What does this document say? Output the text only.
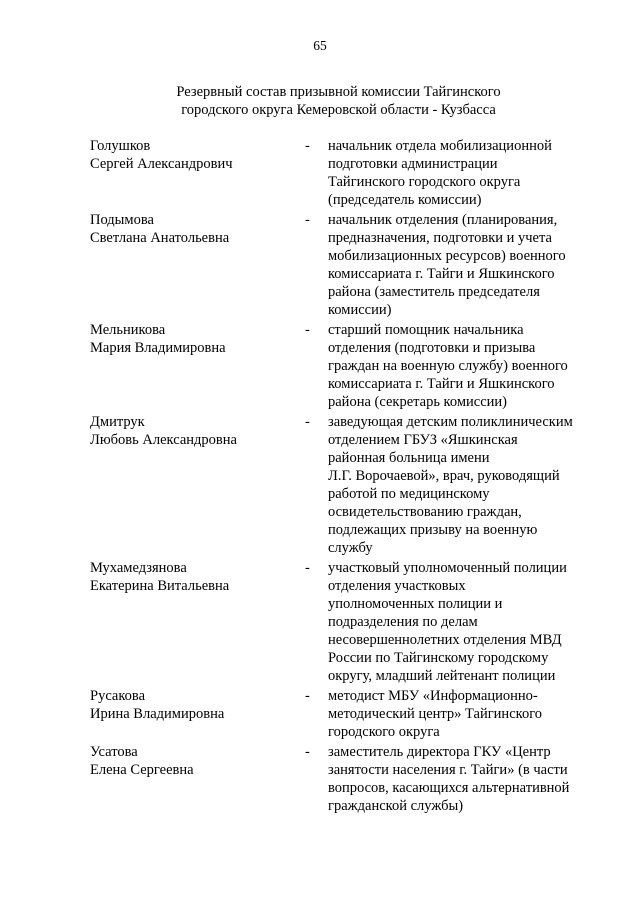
65
Резервный состав призывной комиссии Тайгинского
городского округа Кемеровской области - Кузбасса
Голушков
Сергей Александрович
-	начальник отдела мобилизационной
подготовки администрации
Тайгинского городского округа
(председатель комиссии)
Подымова
Светлана Анатольевна
-	начальник отделения (планирования,
предназначения, подготовки и учета
мобилизационных ресурсов) военного
комиссариата г. Тайги и Яшкинского
района (заместитель председателя
комиссии)
Мельникова
Мария Владимировна
-	старший помощник начальника
отделения (подготовки и призыва
граждан на военную службу) военного
комиссариата г. Тайги и Яшкинского
района (секретарь комиссии)
Дмитрук
Любовь Александровна
-	заведующая детским поликлиническим
отделением ГБУЗ «Яшкинская
районная больница имени
Л.Г. Ворочаевой», врач, руководящий
работой по медицинскому
освидетельствованию граждан,
подлежащих призыву на военную
службу
Мухамедзянова
Екатерина Витальевна
-	участковый уполномоченный полиции
отделения участковых
уполномоченных полиции и
подразделения по делам
несовершеннолетних отделения МВД
России по Тайгинскому городскому
округу, младший лейтенант полиции
Русакова
Ирина Владимировна
-	методист МБУ «Информационно-
методический центр» Тайгинского
городского округа
Усатова
Елена Сергеевна
-	заместитель директора ГКУ «Центр
занятости населения г. Тайги» (в части
вопросов, касающихся альтернативной
гражданской службы)
